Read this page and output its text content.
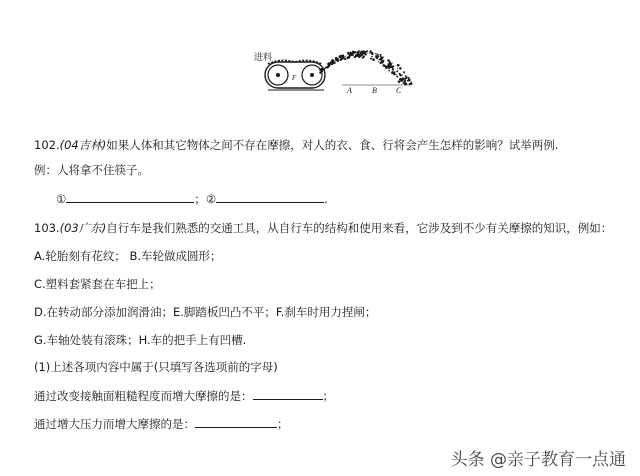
F
进料
A	B C
102.(04吉林)如果人体和其它物体之间不存在摩擦，对人的衣、食、行将会产生怎样的影响？试举两例.
例：人将拿不住筷子。
①	；②	.
103.(03广东)自行车是我们熟悉的交通工具，从自行车的结构和使用来看，它涉及到不少有关摩擦的知识，例如：
A.轮胎刻有花纹； B.车轮做成圆形；
C.塑料套紧套在车把上；
D.在转动部分添加润滑油；E.脚踏板凹凸不平；F.刹车时用力捏闸；
G.车轴处装有滚珠；H.车的把手上有凹槽.
(1)上述各项内容中属于(只填写各选项前的字母)
通过改变接触面粗糙程度而增大摩擦的是：	；
通过增大压力而增大摩擦的是：	；
头条 @亲子教育一点通
